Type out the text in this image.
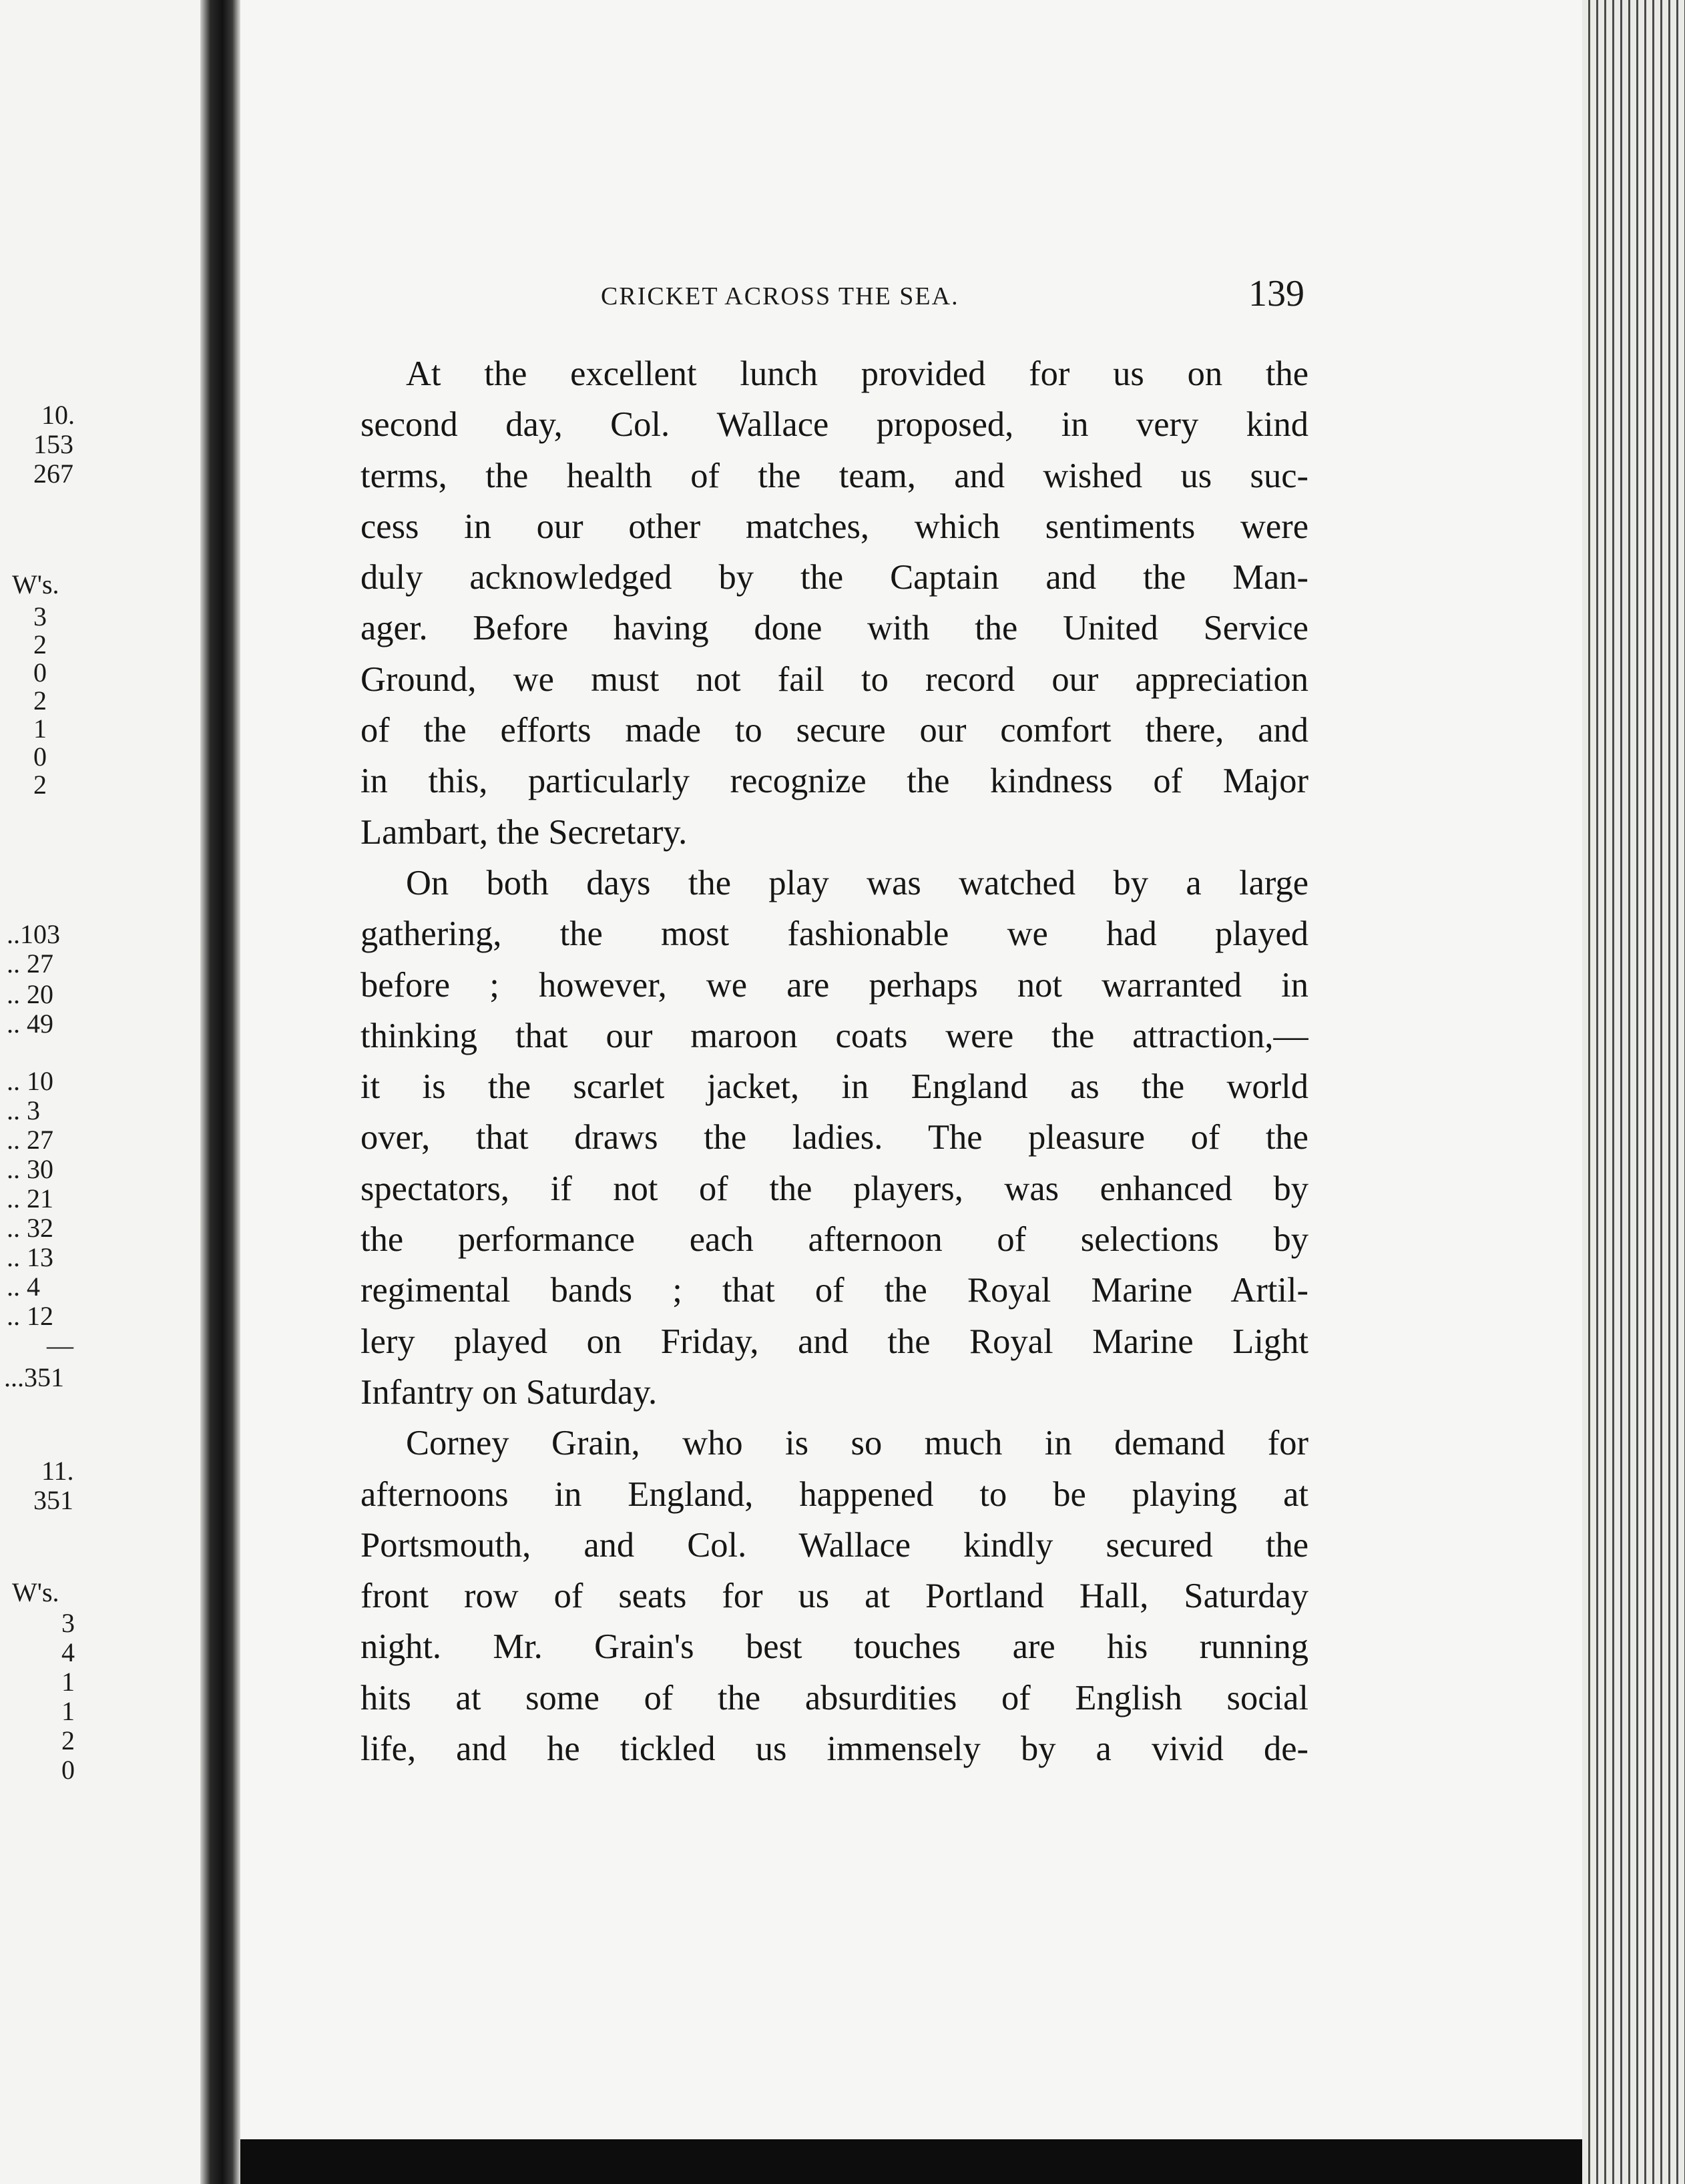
10.
153
267
W's.
3
2
0
2
1
0
2
..103
.. 27
.. 20
.. 49
.. 10
.. 3
.. 27
.. 30
.. 21
.. 32
.. 13
.. 4
.. 12
—
...351
11.
351
W's.
3
4
1
1
2
0
CRICKET ACROSS THE SEA.	139
At the excellent lunch provided for us on the
second day, Col. Wallace proposed, in very kind
terms, the health of the team, and wished us suc-
cess in our other matches, which sentiments were
duly acknowledged by the Captain and the Man-
ager. Before having done with the United Service
Ground, we must not fail to record our appreciation
of the efforts made to secure our comfort there, and
in this, particularly recognize the kindness of Major
Lambart, the Secretary.
On both days the play was watched by a large
gathering, the most fashionable we had played
before ; however, we are perhaps not warranted in
thinking that our maroon coats were the attraction,—
it is the scarlet jacket, in England as the world
over, that draws the ladies. The pleasure of the
spectators, if not of the players, was enhanced by
the performance each afternoon of selections by
regimental bands ; that of the Royal Marine Artil-
lery played on Friday, and the Royal Marine Light
Infantry on Saturday.
Corney Grain, who is so much in demand for
afternoons in England, happened to be playing at
Portsmouth, and Col. Wallace kindly secured the
front row of seats for us at Portland Hall, Saturday
night. Mr. Grain's best touches are his running
hits at some of the absurdities of English social
life, and he tickled us immensely by a vivid de-
